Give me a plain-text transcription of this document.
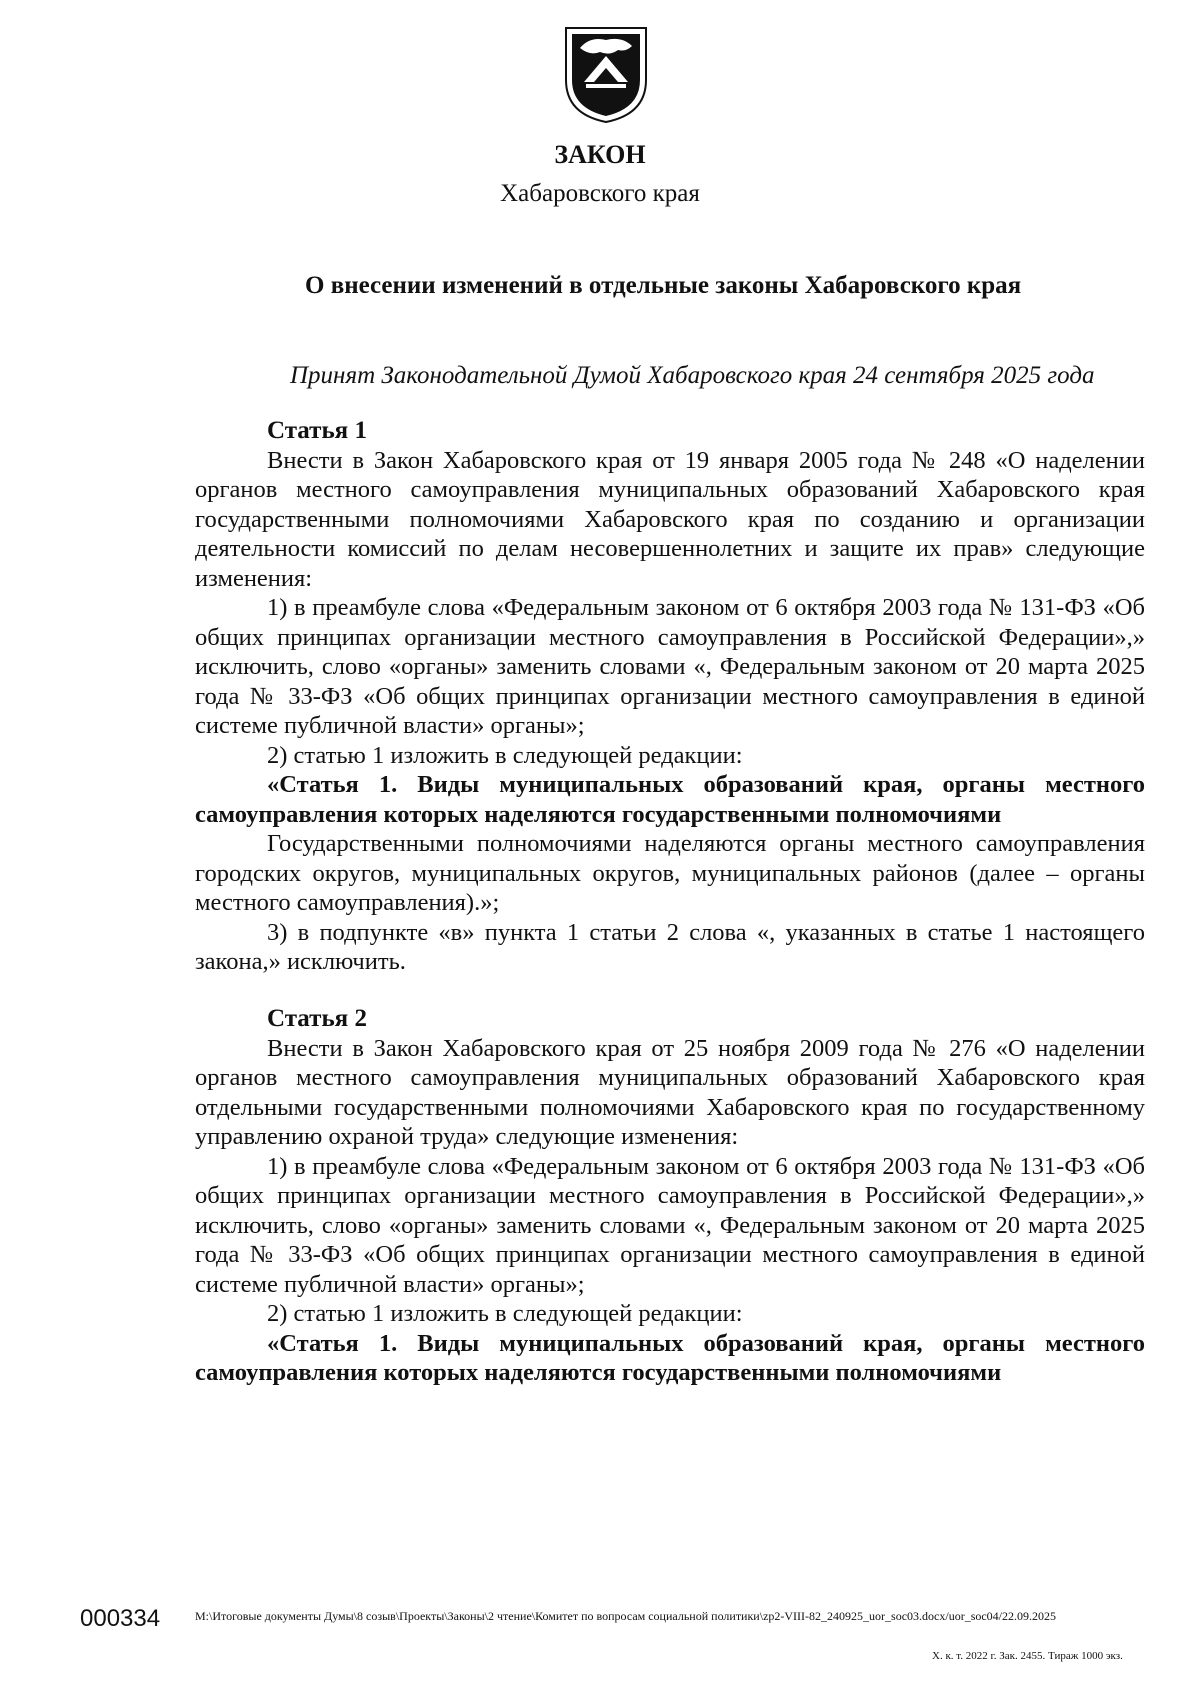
ЗАКОН
Хабаровского края
О внесении изменений в отдельные законы Хабаровского края
Принят Законодательной Думой Хабаровского края 24 сентября 2025 года

Статья 1

Внести в Закон Хабаровского края от 19 января 2005 года № 248 «О наделении органов местного самоуправления муниципальных образований Хабаровского края государственными полномочиями Хабаровского края по созданию и организации деятельности комиссий по делам несовершеннолетних и защите их прав» следующие изменения:

1) в преамбуле слова «Федеральным законом от 6 октября 2003 года № 131-ФЗ «Об общих принципах организации местного самоуправления в Российской Федерации»,» исключить, слово «органы» заменить словами «, Федеральным законом от 20 марта 2025 года № 33-ФЗ «Об общих принципах организации местного самоуправления в единой системе публичной власти» органы»;

2) статью 1 изложить в следующей редакции:

«Статья 1. Виды муниципальных образований края, органы местного самоуправления которых наделяются государственными полномочиями

Государственными полномочиями наделяются органы местного самоуправления городских округов, муниципальных округов, муниципальных районов (далее – органы местного самоуправления).»;

3) в подпункте «в» пункта 1 статьи 2 слова «, указанных в статье 1 настоящего закона,» исключить.

Статья 2

Внести в Закон Хабаровского края от 25 ноября 2009 года № 276 «О наделении органов местного самоуправления муниципальных образований Хабаровского края отдельными государственными полномочиями Хабаровского края по государственному управлению охраной труда» следующие изменения:

1) в преамбуле слова «Федеральным законом от 6 октября 2003 года № 131-ФЗ «Об общих принципах организации местного самоуправления в Российской Федерации»,» исключить, слово «органы» заменить словами «, Федеральным законом от 20 марта 2025 года № 33-ФЗ «Об общих принципах организации местного самоуправления в единой системе публичной власти» органы»;

2) статью 1 изложить в следующей редакции:

«Статья 1. Виды муниципальных образований края, органы местного самоуправления которых наделяются государственными полномочиями

000334	M:\Итоговые документы Думы\8 созыв\Проекты\Законы\2 чтение\Комитет по вопросам социальной политики\zp2-VIII-82_240925_uor_soc03.docx/uor_soc04/22.09.2025
Х. к. т. 2022 г. Зак. 2455. Тираж 1000 экз.
